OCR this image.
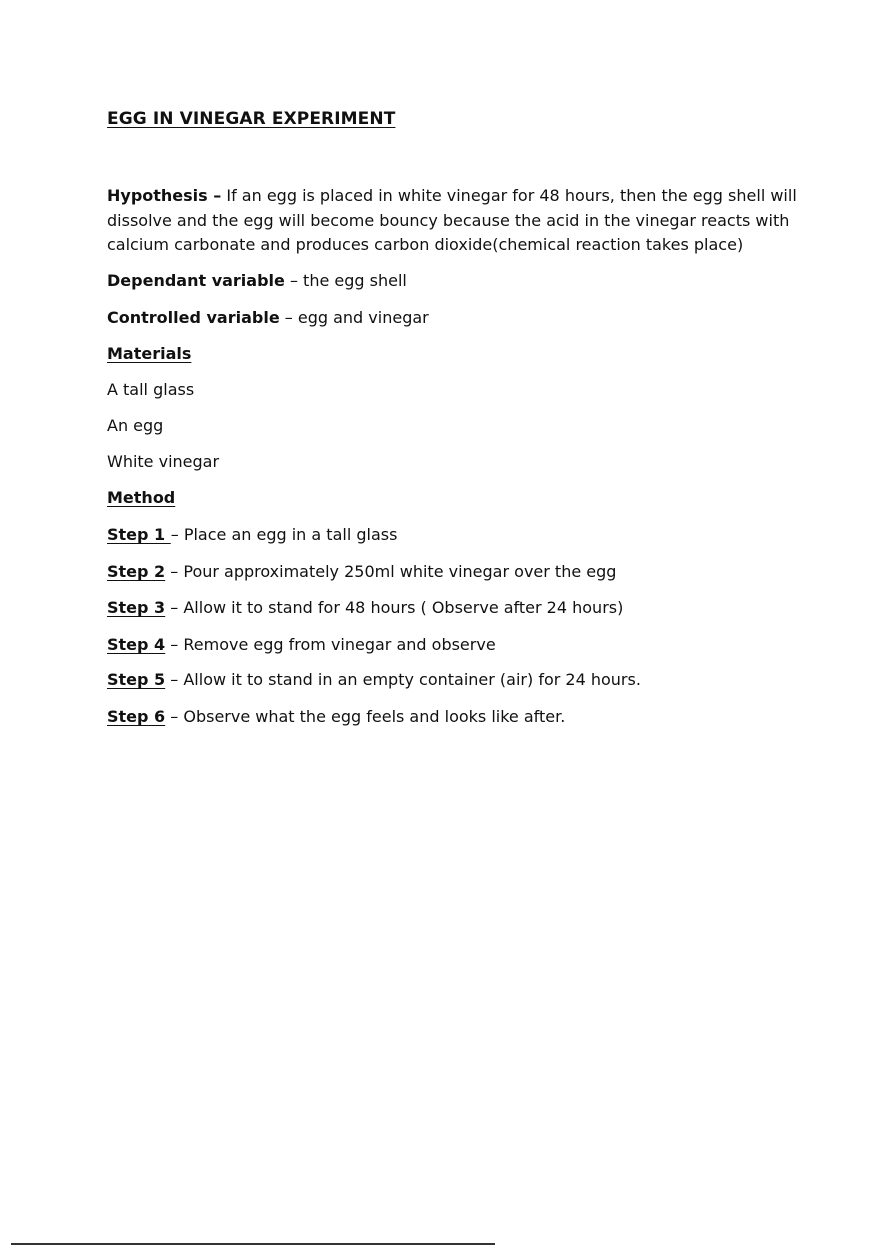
EGG IN VINEGAR EXPERIMENT
Hypothesis – If an egg is placed in white vinegar for 48 hours, then the egg shell will
dissolve and the egg will become bouncy because the acid in the vinegar reacts with
calcium carbonate and produces carbon dioxide(chemical reaction takes place)
Dependant variable – the egg shell
Controlled variable – egg and vinegar
Materials
A tall glass
An egg
White vinegar
Method
Step 1 – Place an egg in a tall glass
Step 2 – Pour approximately 250ml white vinegar over the egg
Step 3 – Allow it to stand for 48 hours ( Observe after 24 hours)
Step 4 – Remove egg from vinegar and observe
Step 5 – Allow it to stand in an empty container (air) for 24 hours.
Step 6 – Observe what the egg feels and looks like after.
